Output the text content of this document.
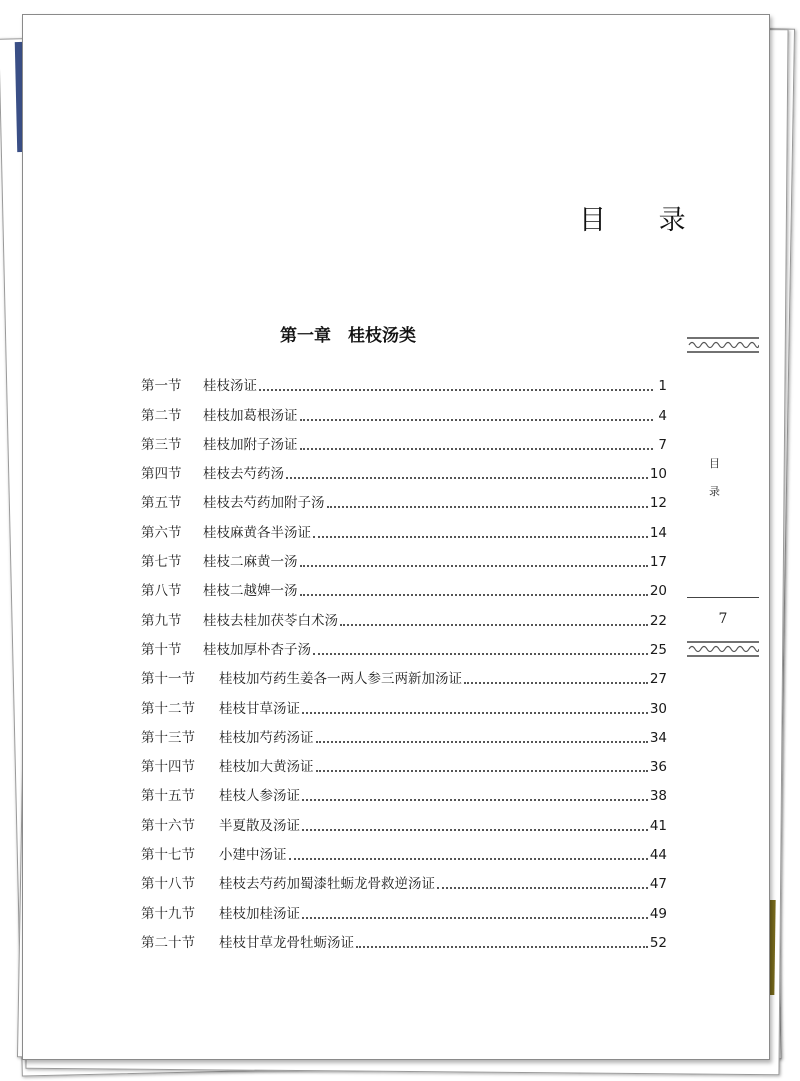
目 录
第一章　桂枝汤类
第一节	桂枝汤证	1
第二节	桂枝加葛根汤证	4
第三节	桂枝加附子汤证	7
第四节	桂枝去芍药汤	10
第五节	桂枝去芍药加附子汤	12
第六节	桂枝麻黄各半汤证	14
第七节	桂枝二麻黄一汤	17
第八节	桂枝二越婢一汤	20
第九节	桂枝去桂加茯苓白术汤	22
第十节	桂枝加厚朴杏子汤	25
第十一节	桂枝加芍药生姜各一两人参三两新加汤证	27
第十二节	桂枝甘草汤证	30
第十三节	桂枝加芍药汤证	34
第十四节	桂枝加大黄汤证	36
第十五节	桂枝人参汤证	38
第十六节	半夏散及汤证	41
第十七节	小建中汤证	44
第十八节	桂枝去芍药加蜀漆牡蛎龙骨救逆汤证	47
第十九节	桂枝加桂汤证	49
第二十节	桂枝甘草龙骨牡蛎汤证	52
目
录
7
